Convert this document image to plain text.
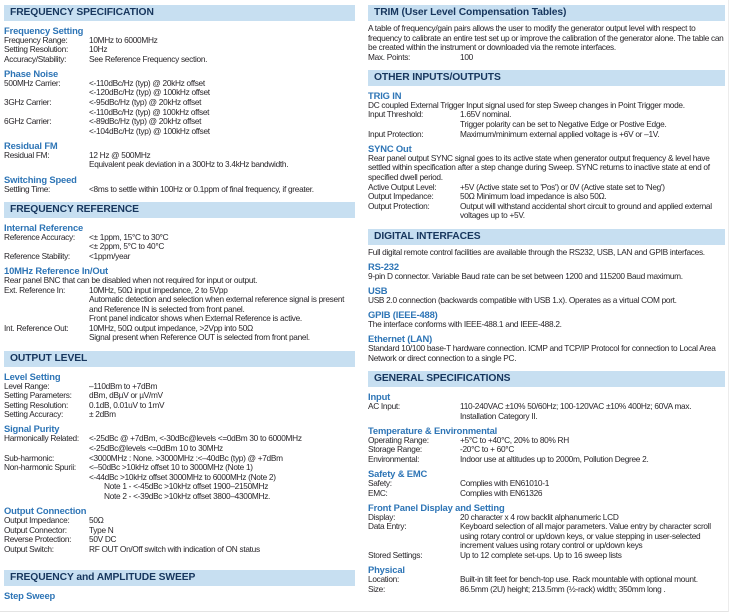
FREQUENCY SPECIFICATION
Frequency Setting
Frequency Range:	10MHz to 6000MHz
Setting Resolution:	10Hz
Accuracy/Stability:	See Reference Frequency section.
Phase Noise
500MHz Carrier:	<-110dBc/Hz (typ) @ 20kHz offset
<-120dBc/Hz (typ) @ 100kHz offset
3GHz Carrier:	<-95dBc/Hz (typ) @ 20kHz offset
<-110dBc/Hz (typ) @ 100kHz offset
6GHz Carrier:	<-89dBc/Hz (typ) @ 20kHz offset
<-104dBc/Hz (typ) @ 100kHz offset
Residual FM
Residual FM:	12 Hz @ 500MHz
Equivalent peak deviation in a 300Hz to 3.4kHz bandwidth.
Switching Speed
Settling Time:	<8ms to settle within 100Hz or 0.1ppm of final frequency, if greater.
FREQUENCY REFERENCE
Internal Reference
Reference Accuracy:	<± 1ppm, 15°C to 30°C
<± 2ppm, 5°C to 40°C
Reference Stability:	<1ppm/year
10MHz Reference In/Out
Rear panel BNC that can be disabled when not required for input or output.
Ext. Reference In:	10MHz, 50Ω input impedance, 2 to 5Vpp
Automatic detection and selection when external reference signal is present and Reference IN is selected from front panel.
Front panel indicator shows when External Reference is active.
Int. Reference Out:	10MHz, 50Ω output impedance, >2Vpp into 50Ω
Signal present when Reference OUT is selected from front panel.
OUTPUT LEVEL
Level Setting
Level Range:	–110dBm to +7dBm
Setting Parameters:	dBm, dBµV or µV/mV
Setting Resolution:	0.1dB, 0.01uV to 1mV
Setting Accuracy:	± 2dBm
Signal Purity
Harmonically Related:	<-25dBc @ +7dBm, <-30dBc@levels <=0dBm 30 to 6000MHz
<-25dBc@levels <=0dBm 10 to 30MHz
Sub-harmonic:	<3000MHz : None. >3000MHz :<–40dBc (typ) @ +7dBm
Non-harmonic Spurii:	<–50dBc >10kHz offset 10 to 3000MHz (Note 1)
<-44dBc >10kHz offset 3000MHz to 6000MHz (Note 2)
Note 1 - <-45dBc >10kHz offset 1900–2150MHz
Note 2 - <-39dBc >10kHz offset 3800–4300MHz.
Output Connection
Output Impedance:	50Ω
Output Connector:	Type N
Reverse Protection:	50V DC
Output Switch:	RF OUT On/Off switch with indication of ON status
FREQUENCY and AMPLITUDE SWEEP
Step Sweep
TRIM (User Level Compensation Tables)
A table of frequency/gain pairs allows the user to modify the generator output level with respect to frequency to calibrate an entire test set up or improve the calibration of the generator alone. The table can be created within the instrument or downloaded via the remote interfaces.
Max. Points:	100
OTHER INPUTS/OUTPUTS
TRIG IN
DC coupled External Trigger Input signal used for step Sweep changes in Point Trigger mode.
Input Threshold:	1.65V nominal.
Trigger polarity can be set to Negative Edge or Postive Edge.
Input Protection:	Maximum/minimum external applied voltage is +6V or –1V.
SYNC Out
Rear panel output SYNC signal goes to its active state when generator output frequency & level have settled within specification after a step change during Sweep. SYNC returns to inactive state at end of specified dwell period.
Active Output Level:	+5V (Active state set to 'Pos') or 0V (Active state set to 'Neg')
Output Impedance:	50Ω Minimum load impedance is also 50Ω.
Output Protection:	Output will withstand accidental short circuit to ground and applied external voltages up to +5V.
DIGITAL INTERFACES
Full digital remote control facilities are available through the RS232, USB, LAN and GPIB interfaces.
RS-232
9-pin D connector. Variable Baud rate can be set between 1200 and 115200 Baud maximum.
USB
USB 2.0 connection (backwards compatible with USB 1.x). Operates as a virtual COM port.
GPIB (IEEE-488)
The interface conforms with IEEE-488.1 and IEEE-488.2.
Ethernet (LAN)
Standard 10/100 base-T hardware connection. ICMP and TCP/IP Protocol for connection to Local Area Network or direct connection to a single PC.
GENERAL SPECIFICATIONS
Input
AC Input:	110-240VAC ±10% 50/60Hz; 100-120VAC ±10% 400Hz; 60VA max.
Installation Category II.
Temperature & Environmental
Operating Range:	+5°C to +40°C, 20% to 80% RH
Storage Range:	-20°C to + 60°C
Environmental:	Indoor use at altitudes up to 2000m, Pollution Degree 2.
Safety & EMC
Safety:	Complies with EN61010-1
EMC:	Complies with EN61326
Front Panel Display and Setting
Display:	20 character x 4 row backlit alphanumeric LCD
Data Entry:	Keyboard selection of all major parameters. Value entry by character scroll using rotary control or up/down keys, or value stepping in user-selected increment values using rotary control or up/down keys
Stored Settings:	Up to 12 complete set-ups. Up to 16 sweep lists
Physical
Location:	Built-in tilt feet for bench-top use. Rack mountable with optional mount.
Size:	86.5mm (2U) height; 213.5mm (½-rack) width; 350mm long .
